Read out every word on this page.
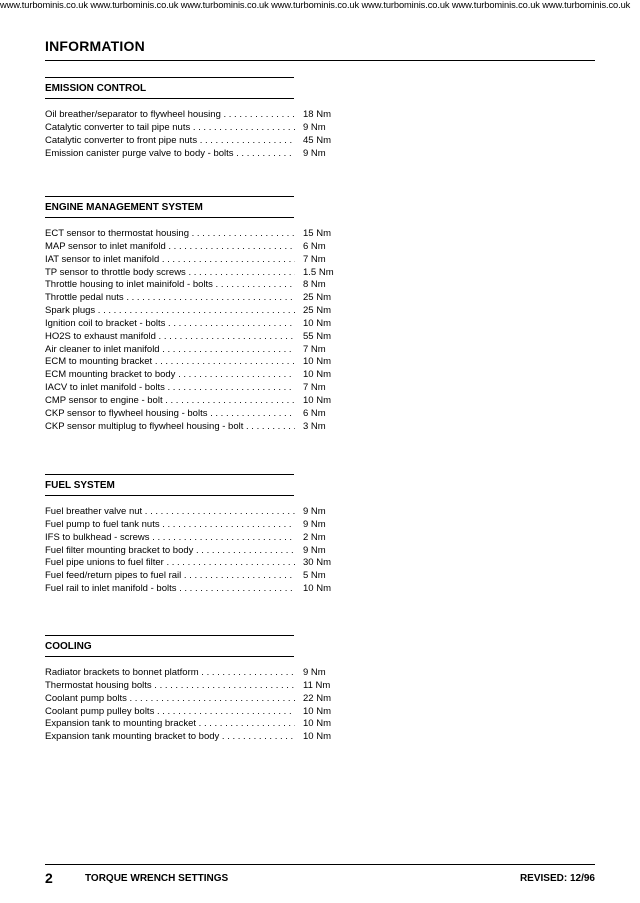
www.turbominis.co.uk www.turbominis.co.uk www.turbominis.co.uk www.turbominis.co.uk www.turbominis.co.uk www.turbominis.co.uk www.turbominis.co.uk
INFORMATION
EMISSION CONTROL
Oil breather/separator to flywheel housing . . .	18 Nm
Catalytic converter to tail pipe nuts . . .	9 Nm
Catalytic converter to front pipe nuts . . .	45 Nm
Emission canister purge valve to body - bolts . . .	9 Nm
ENGINE MANAGEMENT SYSTEM
ECT sensor to thermostat housing . . .	15 Nm
MAP sensor to inlet manifold . . .	6 Nm
IAT sensor to inlet manifold . . .	7 Nm
TP sensor to throttle body screws . . .	1.5 Nm
Throttle housing to inlet mainifold - bolts . . .	8 Nm
Throttle pedal nuts . . .	25 Nm
Spark plugs . . .	25 Nm
Ignition coil to bracket - bolts . . .	10 Nm
HO2S to exhaust manifold . . .	55 Nm
Air cleaner to inlet manifold . . .	7 Nm
ECM to mounting bracket . . .	10 Nm
ECM mounting bracket to body . . .	10 Nm
IACV to inlet manifold - bolts . . .	7 Nm
CMP sensor to engine - bolt . . .	10 Nm
CKP sensor to flywheel housing - bolts . . .	6 Nm
CKP sensor multiplug to flywheel housing - bolt . . .	3 Nm
FUEL SYSTEM
Fuel breather valve nut . . .	9 Nm
Fuel pump to fuel tank nuts . . .	9 Nm
IFS to bulkhead - screws . . .	2 Nm
Fuel filter mounting bracket to body . . .	9 Nm
Fuel pipe unions to fuel filter . . .	30 Nm
Fuel feed/return pipes to fuel rail . . .	5 Nm
Fuel rail to inlet manifold - bolts . . .	10 Nm
COOLING
Radiator brackets to bonnet platform . . .	9 Nm
Thermostat housing bolts . . .	11 Nm
Coolant pump bolts . . .	22 Nm
Coolant pump pulley bolts . . .	10 Nm
Expansion tank to mounting bracket . . .	10 Nm
Expansion tank mounting bracket to body . . .	10 Nm
2	TORQUE WRENCH SETTINGS	REVISED: 12/96
